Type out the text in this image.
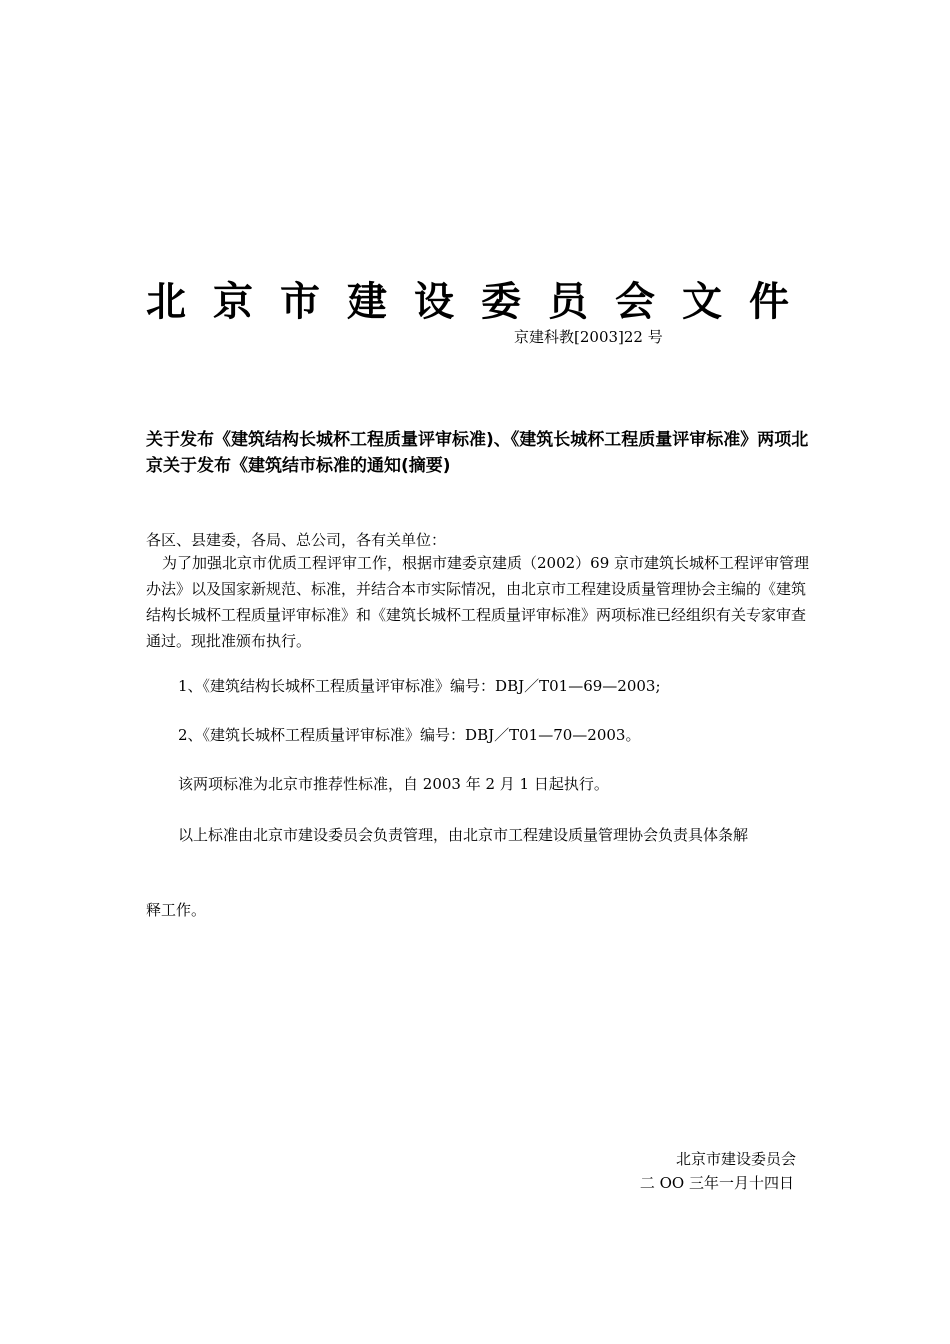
北京市建设委员会文件
京建科教[2003]22 号
关于发布《建筑结构长城杯工程质量评审标准)、《建筑长城杯工程质量评审标准》两项北京关于发布《建筑结市标准的通知(摘要)
各区、县建委，各局、总公司，各有关单位：
为了加强北京市优质工程评审工作，根据市建委京建质（2002）69 京市建筑长城杯工程评审管理办法》以及国家新规范、标准，并结合本市实际情况，由北京市工程建设质量管理协会主编的《建筑结构长城杯工程质量评审标准》和《建筑长城杯工程质量评审标准》两项标准已经组织有关专家审查通过。现批准颁布执行。
1、《建筑结构长城杯工程质量评审标准》编号：DBJ／T01—69—2003;
2、《建筑长城杯工程质量评审标准》编号：DBJ／T01—70—2003。
该两项标准为北京市推荐性标准，自 2003 年 2 月 1 日起执行。
以上标准由北京市建设委员会负责管理，由北京市工程建设质量管理协会负责具体条解
释工作。
北京市建设委员会
二 OO 三年一月十四日
